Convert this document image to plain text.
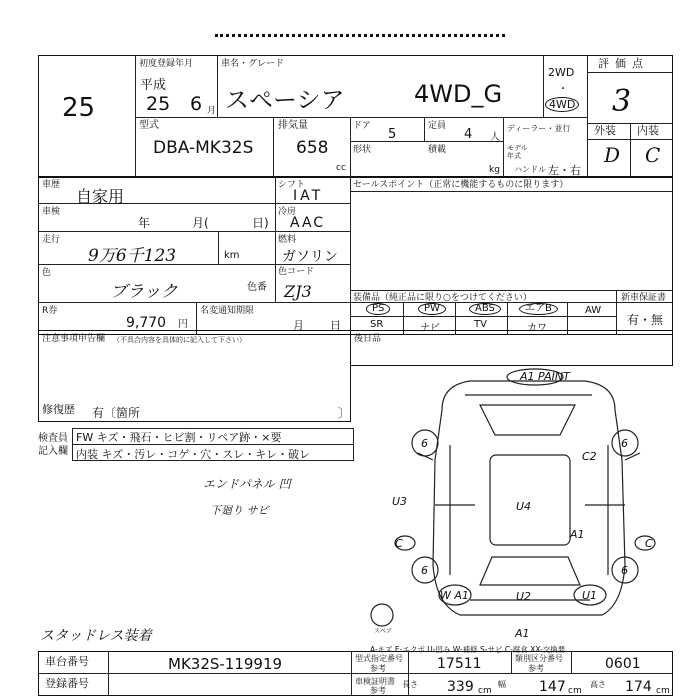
25
初度登録年月
平成
25 6 月
車名・グレード
スペーシア	4WD_G
2WD
・
4WD
評価点
3
外装 内装
D C
型式
DBA-MK32S
排気量
658
cc
ドア
5
定員
4 人
形状	積載
kg
ディーラー・並行
モデル 年式
ハンドル 左・右
車歴
自家用
シフト
IAT
車検
年	月(	日)
冷房
AAC
走行
9万6千123	km
燃料
ガソリン
色
ブラック	色番
色コード
ZJ3
セールスポイント（正常に機能するものに限ります）
R券
9,770 円
名変通知期限
月 日
装備品（純正品に限り○をつけてください）	新車保証書
有・無
PS	PW	ABS	エアB	AW
SR	ナビ	TV	カワ
注意事項申告欄 （不具合内容を具体的に記入して下さい）
修復歴 有〔箇所	〕
後日品
検査員
記入欄
FW キズ・飛石・ヒビ割・リペア跡・×要
内装 キズ・汚レ・コゲ・穴・スレ・キレ・破レ
エンドパネル 凹
下廻り サビ
スタッドレス装着
A1 PAINT
C2
U3	U4
A1
C	C
W A1	U2	U1
A1
6	6
6	6
スペア
A-キズ E-エクボ U-凹み W-補修 S-サビ C-腐食 XX-交換要
車台番号	MK32S-119919
登録番号
型式指定番号
参考	17511	類別区分番号
参考	0601
車検証明書
参考
長さ 339 cm
幅 147 cm
高さ 174 cm
